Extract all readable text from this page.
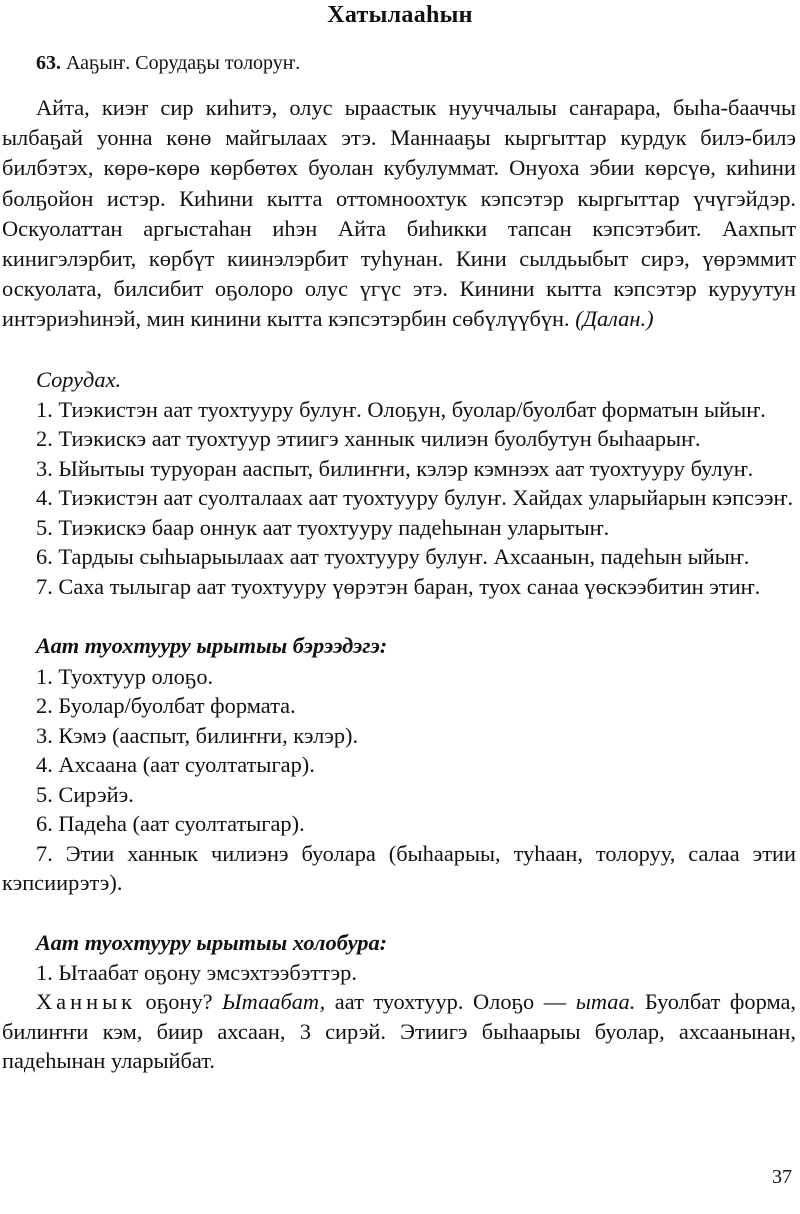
Хатылааһын

63. Ааҕыҥ. Сорудаҕы толоруҥ.

Айта, киэҥ сир киһитэ, олус ыраастык нууччалыы саҥарара, быһа-бааччы ылбаҕай уонна көнө майгылаах этэ. Маннааҕы кыргыттар курдук билэ-билэ билбэтэх, көрө-көрө көрбөтөх буолан кубулуммат. Онуоха эбии көрсүө, киһини болҕойон истэр. Киһини кытта оттомноохтук кэпсэтэр кыргыттар үчүгэйдэр. Оскуолаттан аргыстаһан иһэн Айта биһикки тапсан кэпсэтэбит. Аахпыт кинигэлэрбит, көрбүт киинэлэрбит туһунан. Кини сылдьыбыт сирэ, үөрэммит оскуолата, билсибит оҕолоро олус үгүс этэ. Кинини кытта кэпсэтэр куруутун интэриэһинэй, мин кинини кытта кэпсэтэрбин сөбүлүүбүн. (Далан.)

Сорудах.

1. Тиэкистэн аат туохтууру булуҥ. Олоҕун, буолар/буолбат форматын ыйыҥ.

2. Тиэкискэ аат туохтуур этиигэ ханнык чилиэн буолбутун быһаарыҥ.

3. Ыйытыы туруоран ааспыт, билиҥҥи, кэлэр кэмнээх аат туохтууру булуҥ.

4. Тиэкистэн аат суолталаах аат туохтууру булуҥ. Хайдах уларыйарын кэпсээҥ.

5. Тиэкискэ баар оннук аат туохтууру падеһынан уларытыҥ.

6. Тардыы сыһыарыылаах аат туохтууру булуҥ. Ахсаанын, падеһын ыйыҥ.

7. Саха тылыгар аат туохтууру үөрэтэн баран, туох санаа үөскээбитин этиҥ.

Аат туохтууру ырытыы бэрээдэгэ:

1. Туохтуур олоҕо.

2. Буолар/буолбат формата.

3. Кэмэ (ааспыт, билиҥҥи, кэлэр).

4. Ахсаана (аат суолтатыгар).

5. Сирэйэ.

6. Падеһа (аат суолтатыгар).

7. Этии ханнык чилиэнэ буолара (быһаарыы, туһаан, толоруу, салаа этии кэпсиирэтэ).

Аат туохтууру ырытыы холобура:

1. Ытаабат оҕону эмсэхтээбэттэр.

Ханнык оҕону? Ытаабат, аат туохтуур. Олоҕо — ытаа. Буолбат форма, билиҥҥи кэм, биир ахсаан, 3 сирэй. Этиигэ быһаарыы буолар, ахсаанынан, падеһынан уларыйбат.

37
